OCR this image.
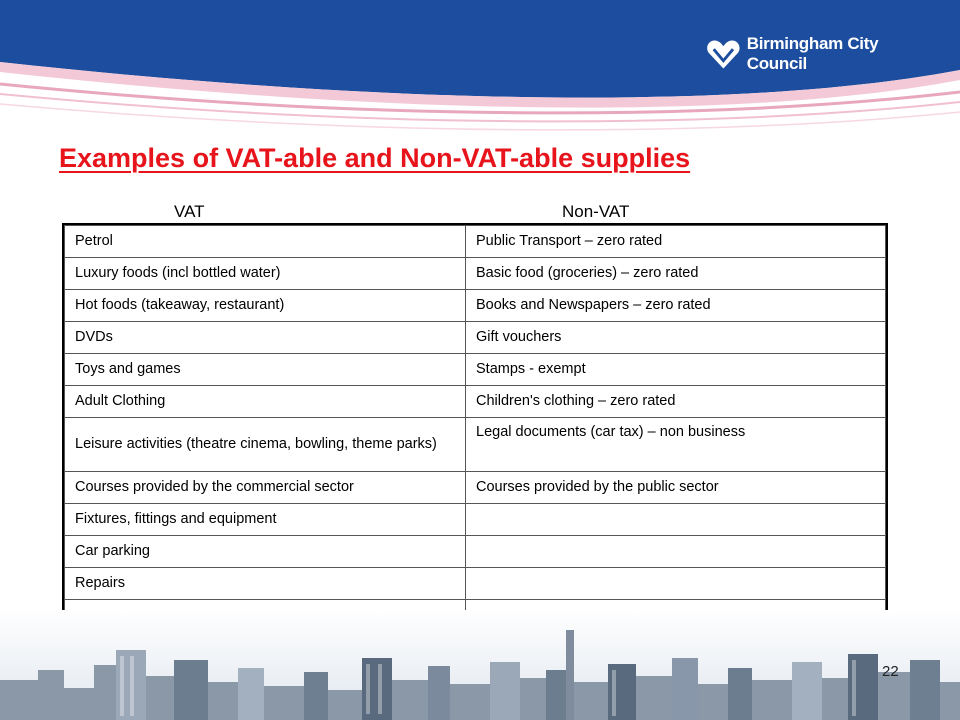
Birmingham City Council
Examples of VAT-able and Non-VAT-able supplies
VAT	Non-VAT
Petrol	Public Transport – zero rated
Luxury foods (incl bottled water)	Basic food (groceries) – zero rated
Hot foods (takeaway, restaurant)	Books and Newspapers – zero rated
DVDs	Gift vouchers
Toys and games	Stamps - exempt
Adult Clothing	Children's clothing – zero rated
Leisure activities (theatre cinema, bowling, theme parks)	Legal documents (car tax) – non business
Courses provided by the commercial sector	Courses provided by the public sector
Fixtures, fittings and equipment	
Car parking	
Repairs	

22
